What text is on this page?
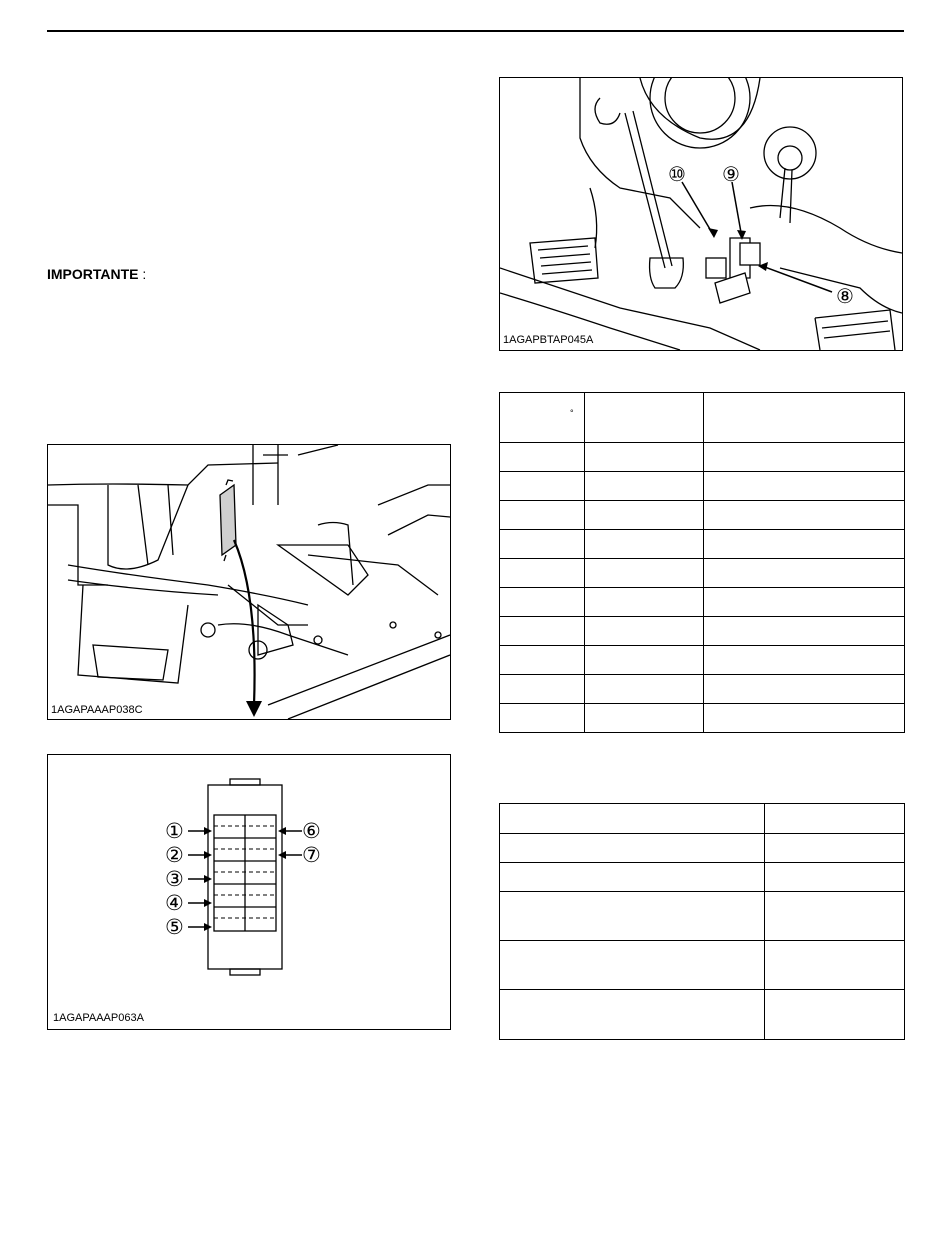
IMPORTANTE :
⑩ ⑨
⑧
1AGAPBTAP045A
1AGAPAAAP038C
①
②
③
④
⑤
⑥
⑦
1AGAPAAAP063A
°		
